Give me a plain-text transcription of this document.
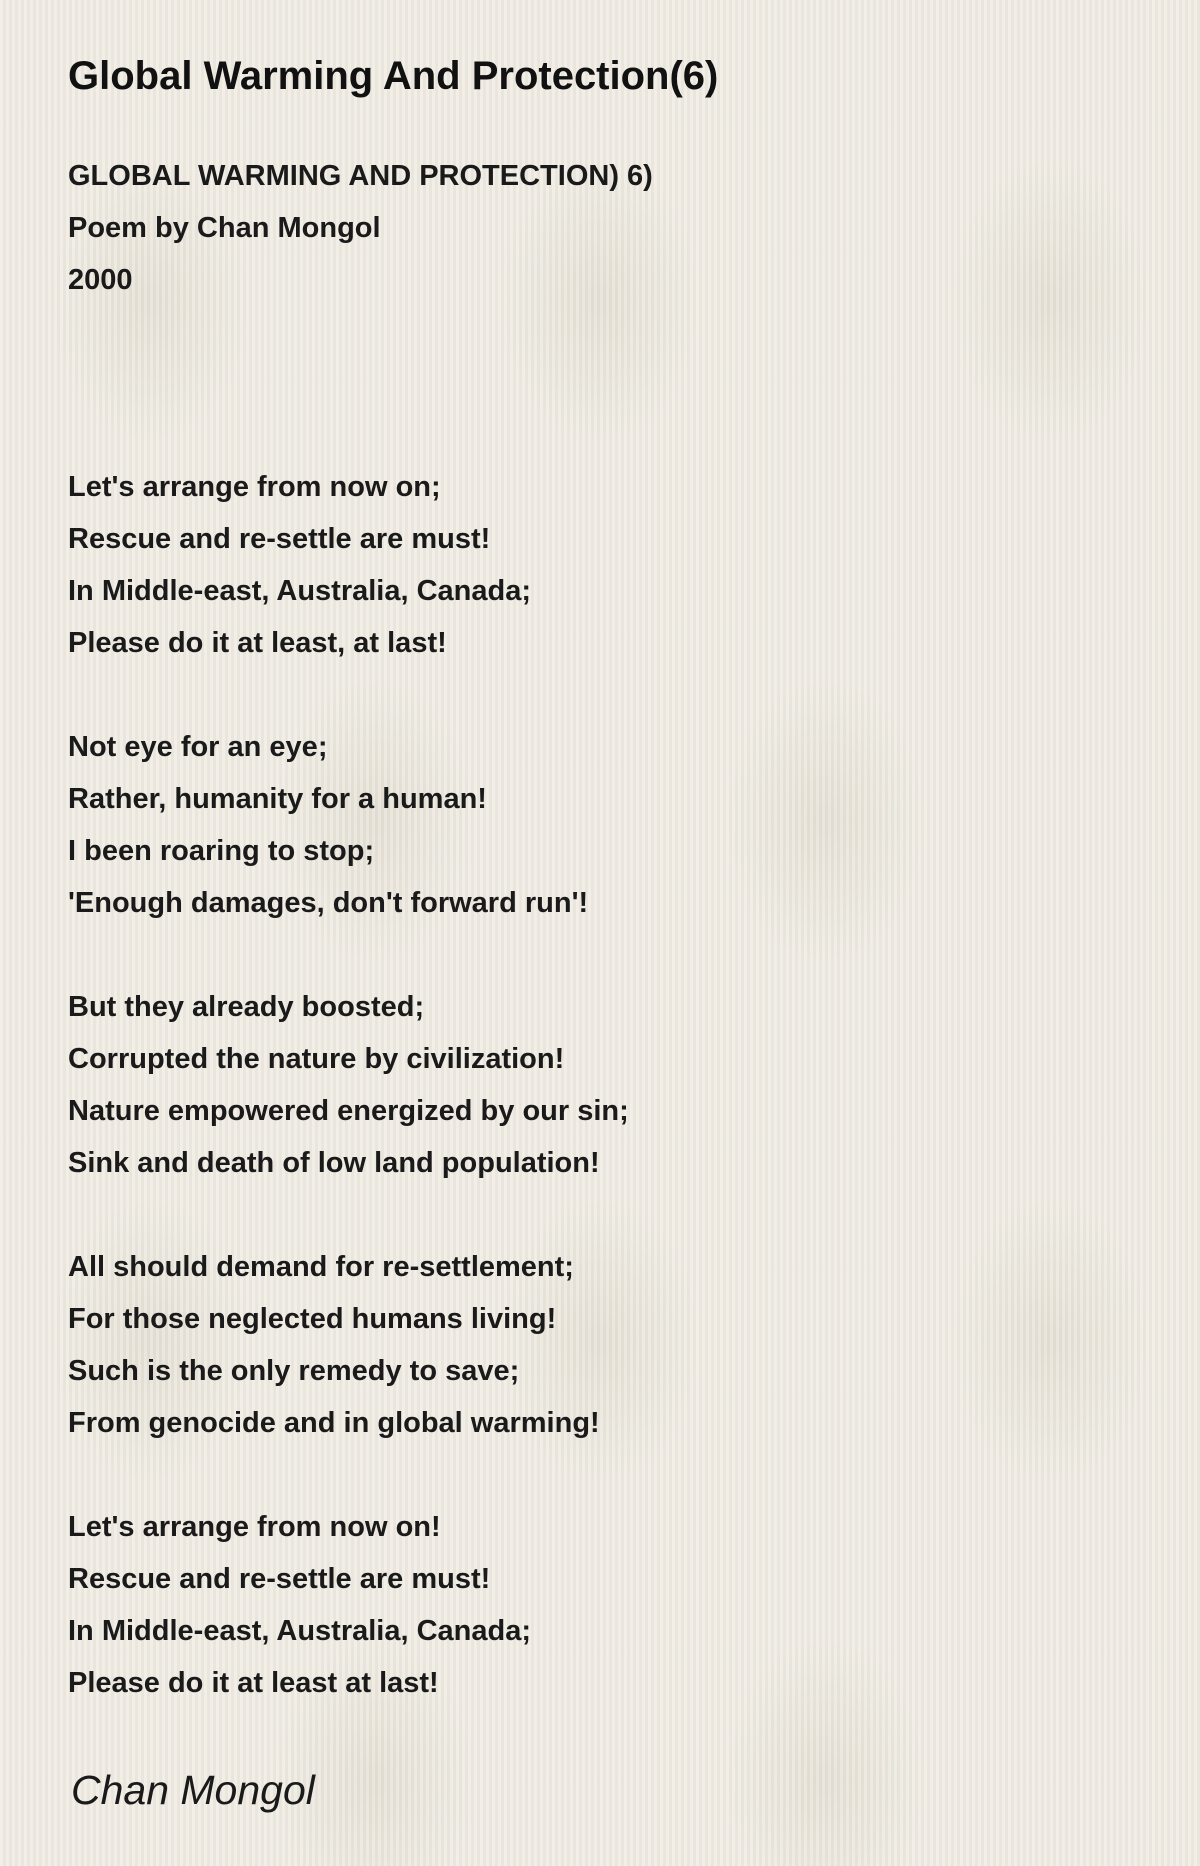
Global Warming And Protection(6)
GLOBAL WARMING AND PROTECTION) 6)
Poem by Chan Mongol
2000
Let's arrange from now on;
Rescue and re-settle are must!
In Middle-east, Australia, Canada;
Please do it at least, at last!
Not eye for an eye;
Rather, humanity for a human!
I been roaring to stop;
'Enough damages, don't forward run'!
But they already boosted;
Corrupted the nature by civilization!
Nature empowered energized by our sin;
Sink and death of low land population!
All should demand for re-settlement;
For those neglected humans living!
Such is the only remedy to save;
From genocide and in global warming!
Let's arrange from now on!
Rescue and re-settle are must!
In Middle-east, Australia, Canada;
Please do it at least at last!
Chan Mongol
